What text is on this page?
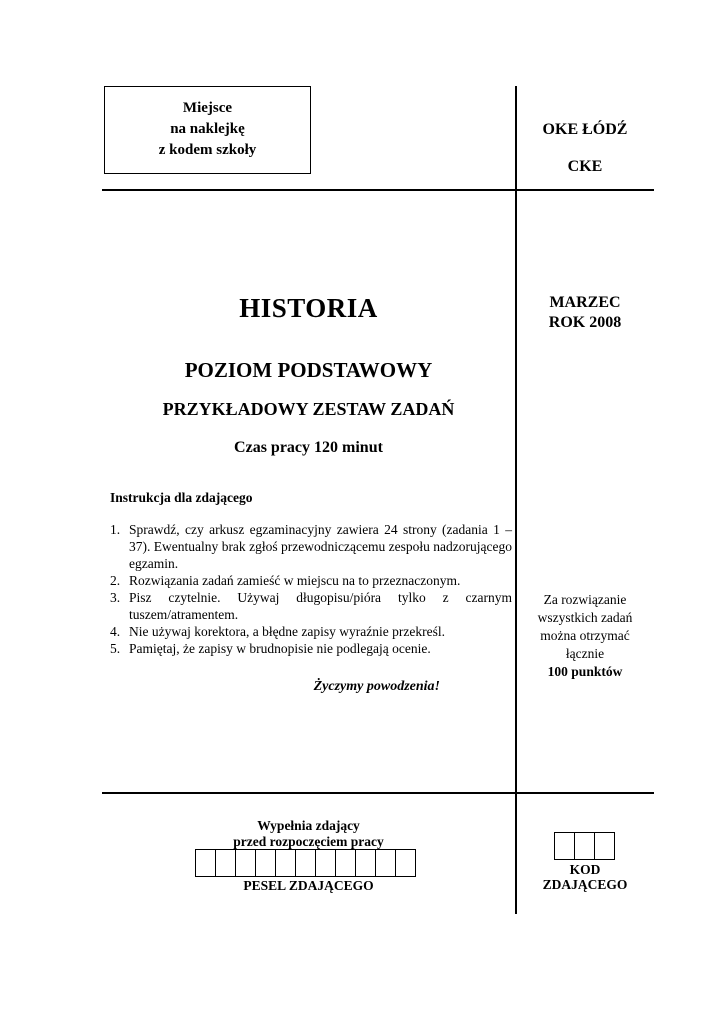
Miejsce
na naklejkę
z kodem szkoły
OKE ŁÓDŹ
CKE
HISTORIA
POZIOM PODSTAWOWY
PRZYKŁADOWY ZESTAW ZADAŃ
Czas pracy 120 minut
MARZEC
ROK 2008
Instrukcja dla zdającego
1. Sprawdź, czy arkusz egzaminacyjny zawiera 24 strony (zadania 1 – 37). Ewentualny brak zgłoś przewodniczącemu zespołu nadzorującego egzamin.
2. Rozwiązania zadań zamieść w miejscu na to przeznaczonym.
3. Pisz czytelnie. Używaj długopisu/pióra tylko z czarnym tuszem/atramentem.
4. Nie używaj korektora, a błędne zapisy wyraźnie przekreśl.
5. Pamiętaj, że zapisy w brudnopisie nie podlegają ocenie.
Życzymy powodzenia!
Za rozwiązanie
wszystkich zadań
można otrzymać
łącznie
100 punktów
Wypełnia zdający
przed rozpoczęciem pracy
PESEL ZDAJĄCEGO
KOD
ZDAJĄCEGO
